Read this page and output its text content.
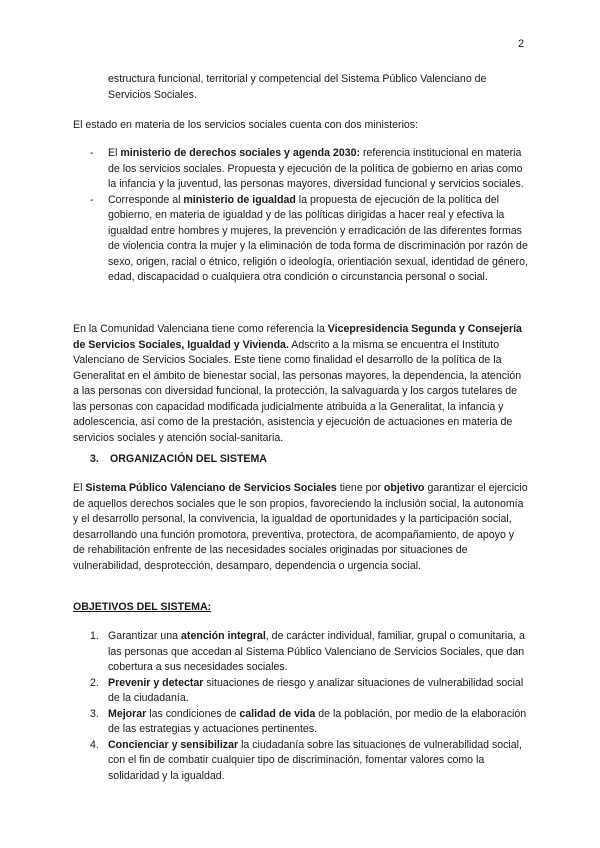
2

estructura funcional, territorial y competencial del Sistema Público Valenciano de Servicios Sociales.

El estado en materia de los servicios sociales cuenta con dos ministerios:

- El ministerio de derechos sociales y agenda 2030: referencia institucional en materia de los servicios sociales. Propuesta y ejecución de la política de gobierno en arias como la infancia y la juventud, las personas mayores, diversidad funcional y servicios sociales.
- Corresponde al ministerio de igualdad la propuesta de ejecución de la política del gobierno, en materia de igualdad y de las políticas dirigidas a hacer real y efectiva la igualdad entre hombres y mujeres, la prevención y erradicación de las diferentes formas de violencia contra la mujer y la eliminación de toda forma de discriminación por razón de sexo, origen, racial o étnico, religión o ideología, orientiación sexual, identidad de género, edad, discapacidad o cualquiera otra condición o circunstancia personal o social.

En la Comunidad Valenciana tiene como referencia la Vicepresidencia Segunda y Consejería de Servicios Sociales, Igualdad y Vivienda. Adscrito a la misma se encuentra el Instituto Valenciano de Servicios Sociales. Este tiene como finalidad el desarrollo de la política de la Generalitat en el ámbito de bienestar social, las personas mayores, la dependencia, la atención a las personas con diversidad funcional, la protección, la salvaguarda y los cargos tutelares de las personas con capacidad modificada judicialmente atribuida a la Generalitat, la infancia y adolescencia, así como de la prestación, asistencia y ejecución de actuaciones en materia de servicios sociales y atención social-sanitaria.

3. ORGANIZACIÓN DEL SISTEMA

El Sistema Público Valenciano de Servicios Sociales tiene por objetivo garantizar el ejercicio de aquellos derechos sociales que le son propios, favoreciendo la inclusión social, la autonomía y el desarrollo personal, la convivencia, la igualdad de oportunidades y la participación social, desarrollando una función promotora, preventiva, protectora, de acompañamiento, de apoyo y de rehabilitación enfrente de las necesidades sociales originadas por situaciones de vulnerabilidad, desprotección, desamparo, dependencia o urgencia social.

OBJETIVOS DEL SISTEMA:

1. Garantizar una atención integral, de carácter individual, familiar, grupal o comunitaria, a las personas que accedan al Sistema Público Valenciano de Servicios Sociales, que dan cobertura a sus necesidades sociales.
2. Prevenir y detectar situaciones de riesgo y analizar situaciones de vulnerabilidad social de la ciudadanía.
3. Mejorar las condiciones de calidad de vida de la población, por medio de la elaboración de las estrategias y actuaciones pertinentes.
4. Concienciar y sensibilizar la ciudadanía sobre las situaciones de vulnerabilidad social, con el fin de combatir cualquier tipo de discriminación, fomentar valores como la solidaridad y la igualdad.
